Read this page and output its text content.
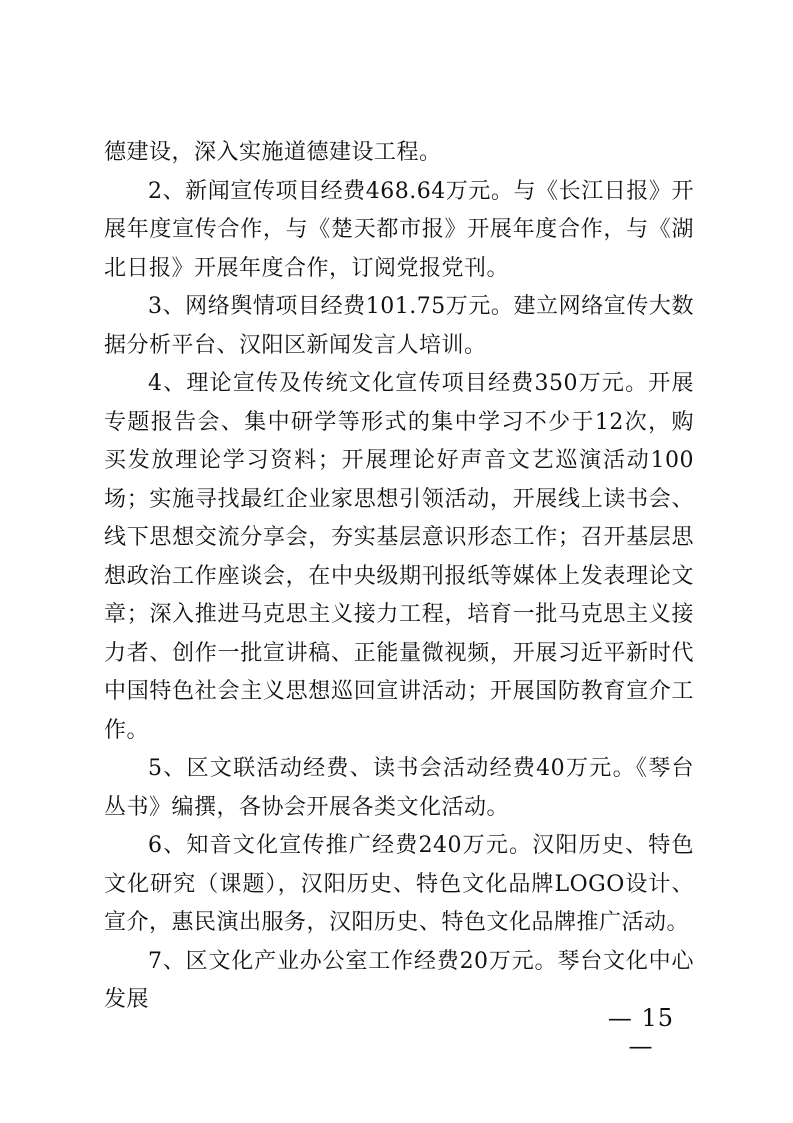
德建设，深入实施道德建设工程。

2、新闻宣传项目经费468.64万元。与《长江日报》开展年度宣传合作，与《楚天都市报》开展年度合作，与《湖北日报》开展年度合作，订阅党报党刊。

3、网络舆情项目经费101.75万元。建立网络宣传大数据分析平台、汉阳区新闻发言人培训。

4、理论宣传及传统文化宣传项目经费350万元。开展专题报告会、集中研学等形式的集中学习不少于12次，购买发放理论学习资料；开展理论好声音文艺巡演活动100场；实施寻找最红企业家思想引领活动，开展线上读书会、线下思想交流分享会，夯实基层意识形态工作；召开基层思想政治工作座谈会，在中央级期刊报纸等媒体上发表理论文章；深入推进马克思主义接力工程，培育一批马克思主义接力者、创作一批宣讲稿、正能量微视频，开展习近平新时代中国特色社会主义思想巡回宣讲活动；开展国防教育宣介工作。

5、区文联活动经费、读书会活动经费40万元。《琴台丛书》编撰，各协会开展各类文化活动。

6、知音文化宣传推广经费240万元。汉阳历史、特色文化研究（课题），汉阳历史、特色文化品牌LOGO设计、宣介，惠民演出服务，汉阳历史、特色文化品牌推广活动。

7、区文化产业办公室工作经费20万元。琴台文化中心发展

— 15 —
